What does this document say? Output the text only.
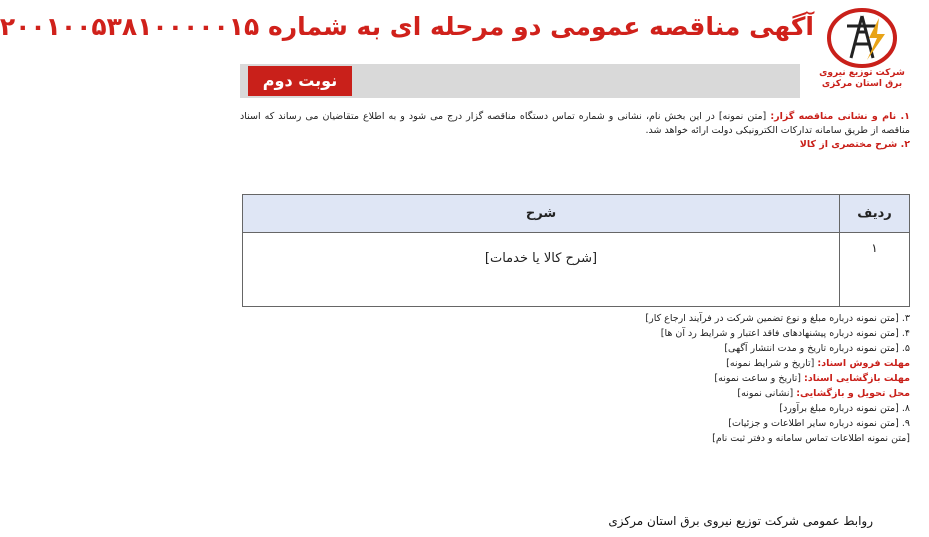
آگهی مناقصه عمومی دو مرحله ای به شماره ۲۰۰۱۰۰۵۳۸۱۰۰۰۰۰۱۵
نوبت دوم	شرکت توزیع نیروی برق استان مرکزی
۱. نام و نشانی مناقصه گزار: [متن نمونه] در این بخش نام، نشانی و شماره تماس دستگاه مناقصه گزار درج می شود و به اطلاع متقاضیان می رساند که اسناد مناقصه از طریق سامانه تدارکات الکترونیکی دولت ارائه خواهد شد.
۲. شرح مختصری از کالا
ردیف	شرح
۱	[شرح کالا یا خدمات]

۳. [متن نمونه درباره مبلغ و نوع تضمین شرکت در فرآیند ارجاع کار]

۴. [متن نمونه درباره پیشنهادهای فاقد اعتبار و شرایط رد آن ها]

۵. [متن نمونه درباره تاریخ و مدت انتشار آگهی]

مهلت فروش اسناد: [تاریخ و شرایط نمونه]

مهلت بازگشایی اسناد: [تاریخ و ساعت نمونه]

محل تحویل و بازگشایی: [نشانی نمونه]

۸. [متن نمونه درباره مبلغ برآورد]

۹. [متن نمونه درباره سایر اطلاعات و جزئیات]

[متن نمونه اطلاعات تماس سامانه و دفتر ثبت نام]

روابط عمومی شرکت توزیع نیروی برق استان مرکزی
